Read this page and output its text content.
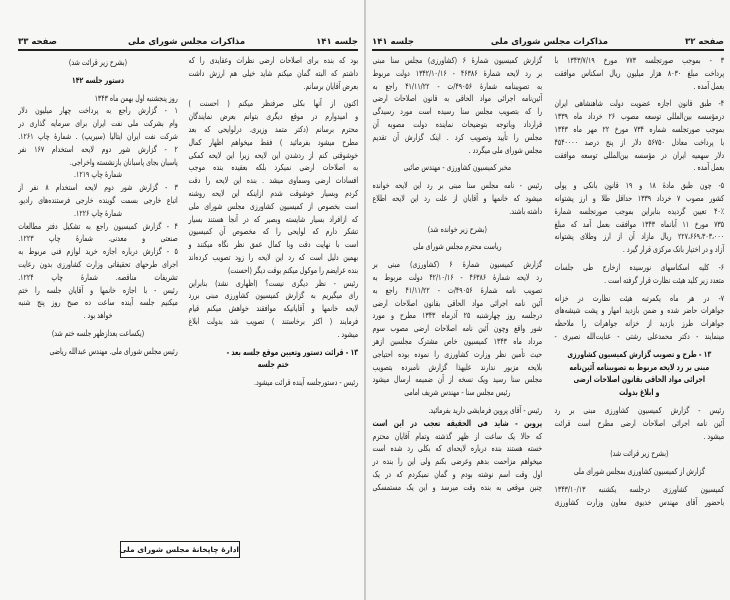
جلسه ۱۴۱
مذاکرات مجلس شورای ملی
صفحه ۳۳
بود که بنده برای اصلاحات ارضی نظرات وعقایدی را که
داشتم که البته گمان میکنم شاید خیلی هم ارزش داشت
بعرض آقایان برسانم.
اکنون از آنها بکلی صرفنظر میکنم ( احسنت )
و امیدوارم در موقع دیگری بتوانم بعرض نمایندگان
محترم برسانم (دکتر متمد وزیری. درلوایحی که بعد
مطرح میشود بفرمائید ) فقط میخواهم اظهار کمال
خوشوقتی کنم از ردشدن این لایحه زیرا این لایحه کمکی
به اصلاحات ارضی نمیکرد بلکه بعقیده بنده موجب
افسادات ارضی وسماوی میشد . بنده این لایحه را دقت
کردم وبسیار خوشوقت شدم ازاینکه این لایحه روشنه
است بخصوص از کمیسیون کشاورزی مجلس شورای ملی
که ازافراد بسیار شایسته وبصیر که در آنجا هستند بسیار
تشکر دارم که لوایحی را که مخصوص آن کمیسیون
است با نهایت دقت وبا کمال عمق نظر نگاه میکنند و
بهمین دلیل است که رد این لایحه را زود تصویب کرده‌اند
بنده عرایضم را موکول میکنم بوقت دیگر (احسنت)
رئیس - نظر دیگری نیست؟ (اظهاری نشد) بنابراین
رای میگیریم به گزارش کمیسیون کشاورزی مبنی بررد
لایحه خانمها و آقایانیکه موافقند خواهش میکنم قیام
فرمایند ( اکثر برخاستند ) تصویب شد بدولت ابلاغ
میشود .
۱۳ - قرائت دستور وتعیین موقع جلسه بعد -
ختم جلسه
رئیس - دستورجلسه آینده قرائت میشود.
(بشرح زیر قرائت شد)
دستور جلسه ۱۴۲
روز پنجشنبه اول بهمن ماه ۱۳۴۳
۱ - گزارش راجع به پرداخت چهار میلیون دلار
وام بشرکت ملی نفت ایران برای سرمایه گذاری در
شرکت نفت ایران ایتالیا (سیریپ) . شمارهٔ چاپ ۱۲۶۱.
۲ - گزارش شور دوم لایحه استخدام ۱۶۷ نفر
پاسبان بجای پاسبانان بازنشسته واخراجی.
شمارهٔ چاپ ۱۲۱۹.
۳ - گزارش شور دوم لایحه استخدام ۸ نفر از
اتباع خارجی بسمت گوینده خارجی فرستنده‌های رادیو.
شمارهٔ چاپ ۱۲۲۶.
۴ - گزارش کمیسیون راجع به تشکیل دفتر مطالعات
صنعتی و معدنی. شمارهٔ چاپ ۱۲۲۳.
۵ - گزارش درباره اجازه خرید لوازم فنی مربوط به
اجرای طرحهای تحقیقاتی وزارت کشاورزی بدون رعایت
تشریفات مناقصه. شمارهٔ چاپ ۱۲۲۴.
رئیس - با اجازه خانمها و آقایان جلسه را ختم
میکنیم جلسه آینده ساعت ده صبح روز پنج شنبه
خواهد بود .
(یکساعت بعدازظهر جلسه ختم شد)
رئیس مجلس شورای ملی. مهندس عبدالله ریاضی
ادارهٔ چاپخانهٔ مجلس شورای ملی
صفحه ۳۲
مذاکرات مجلس شورای ملی
جلسه ۱۴۱
۳ - بموجب صورتجلسه ۷۷۳ مورخ ۱۳۴۳/۷/۱۹ با
پرداخت مبلغ ۸۰۳۰ هزار میلیون ریال اسکناس موافقت
بعمل آمده .
۴- طبق قانون اجازه عضویت دولت شاهنشاهی ایران
درمؤسسه بین‌المللی توسعه مصوب ۲۶ خرداد ماه ۱۳۳۹
بموجب صورتجلسه شماره ۷۳۴ مورخ ۲۲ مهر ماه ۱۳۴۳
با پرداخت معادل ۵۶۷۵۰ دلار از پنج درصد ۴۵۴۰۰۰۰
دلار سهمیه ایران در مؤسسه بین‌المللی توسعه موافقت
بعمل آمده .
۵- چون طبق مادهٔ ۱۸ و ۱۹ قانون بانکی و پولی
کشور مصوب ۷ خرداد ۱۳۳۹ حداقل طلا و ارز پشتوانه
۴۰٪ تعیین گردیده بنابراین بموجب صورتجلسه شمارهٔ
۷۳۵ مورخ ۱۱ آبانماه ۱۳۴۳ موافقت بعمل آمد که مبلغ
۲۲۷،۶۶۹،۳۰۳،۰۰۰ ریال مازاد آن از ارز وطلای پشتوانه
آزاد و در اختیار بانک مرکزی قرار گیرد .
۶- کلیه اسکناسهای نورسیده ازخارج طی جلسات
متعدد زیر کلید هیئت نظارت قرار گرفته است .
۷- در هر ماه یکمرتبه هیئت نظارت در خزانه
جواهرات حاضر شده و ضمن بازدید امهار و پشت شیشه‌های
جواهرات طرز بازدید از خزانه جواهرات را ملاحظه
مینمایند - دکتر محمدعلی رشتی - عنایت‌الله نصیری -
۱۳ - طرح و تصویب گزارش کمیسیون کشاورزی
مبنی بر رد لایحه مربوط به تصویبنامه آئین‌نامه
اجرائی مواد الحاقی بقانون اصلاحات ارضی
و ابلاغ بدولت
رئیس - گزارش کمیسیون کشاورزی مبنی بر رد
آئین نامه اجرائی اصلاحات ارضی مطرح است قرائت
میشود .
(بشرح زیر قرائت شد)
گزارش از کمیسیون کشاورزی بمجلس شورای ملی
کمیسیون کشاورزی درجلسه یکشنبه ۱۳۴۳/۱۰/۱۳
باحضور آقای مهندس خدیوی معاون وزارت کشاورزی
گزارش کمیسیون شمارهٔ ۶ (کشاورزی) مجلس سنا مبنی
بر رد لایحه شمارهٔ ۴۶۳۸۶ - ۱۳۴۲/۱۰/۱۶ دولت مربوط
به تصویبنامه شمارهٔ ۴۹۰۵۶/ت - ۴۱/۱۱/۲۲ راجع به
آئین‌نامه اجرائی مواد الحاقی به قانون اصلاحات ارضی
را که بتصویب مجلس سنا رسیده است مورد رسیدگی
قرارداد وباتوجه بتوضیحات نماینده دولت مصوبه آن
مجلس را تأیید وتصویب کرد . اینک گزارش آن تقدیم
مجلس شورای ملی میگردد .
مخبر کمیسیون کشاورزی - مهندس صائبی
رئیس - نامه مجلس سنا مبنی بر رد این لایحه خوانده
میشود که خانمها و آقایان از علت رد این لایحه اطلاع
داشته باشند.
(بشرح زیر خوانده شد)
ریاست محترم مجلس شورای ملی
گزارش کمیسیون شمارهٔ ۶ (کشاورزی) مبنی بر
رد لایحه شمارهٔ ۴۶۳۸۶ - ۴۲/۱۰/۱۶ دولت مربوط به
تصویب نامه شمارهٔ ۴۹۰۵۶/ت - ۴۱/۱۱/۲۲ راجع به
آئین نامه اجرائی مواد الحاقی بقانون اصلاحات ارضی
درجلسه روز چهارشنبه ۲۵ آذرماه ۱۳۴۳ مطرح و مورد
شور واقع وچون آئین نامه اصلاحات ارضی مصوب سوم
مرداد ماه ۱۳۴۳ کمیسیون خاص مشترک مجلسین ازهر
حیث تأمین نظر وزارت کشاورزی را نموده بوده احتیاجی
بلایحه مزبور ندارند علیهذا گزارش نامبرده بتصویب
مجلس سنا رسید ویک نسخه از آن ضمیمه ارسال میشود
رئیس مجلس سنا - مهندس شریف امامی
رئیس - آقای پروین فرمایشی دارید بفرمائید.
پروین - شاید فی الحقیقه تعجب در این است
که حالا یک ساعت از ظهر گذشته وتمام آقایان محترم
خسته هستند بنده درباره لایحه‌ای که بکلی رد شده است
میخواهم مزاحمت بدهم وعرضی بکنم ولی این را بنده در
اول وقت اسم نوشته بودم و گمان نمیکردم که در یک
چنین موقعی به بنده وقت میرسد و این یک مستمسکی
